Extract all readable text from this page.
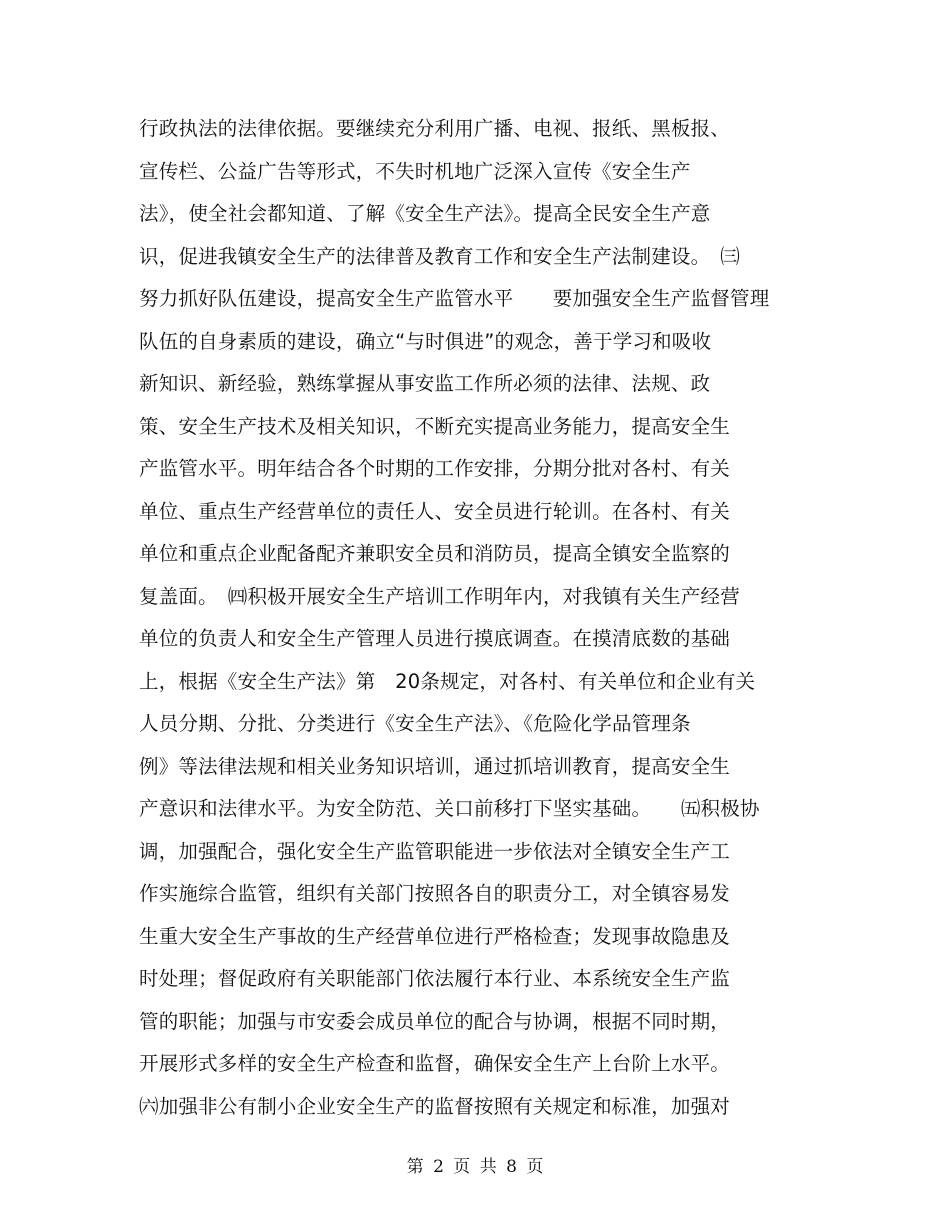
行政执法的法律依据。要继续充分利用广播、电视、报纸、黑板报、
宣传栏、公益广告等形式，不失时机地广泛深入宣传《安全生产
法》，使全社会都知道、了解《安全生产法》。提高全民安全生产意
识，促进我镇安全生产的法律普及教育工作和安全生产法制建设。　㈢
努力抓好队伍建设，提高安全生产监管水平　　要加强安全生产监督管理
队伍的自身素质的建设，确立“与时俱进”的观念，善于学习和吸收
新知识、新经验，熟练掌握从事安监工作所必须的法律、法规、政
策、安全生产技术及相关知识，不断充实提高业务能力，提高安全生
产监管水平。明年结合各个时期的工作安排，分期分批对各村、有关
单位、重点生产经营单位的责任人、安全员进行轮训。在各村、有关
单位和重点企业配备配齐兼职安全员和消防员，提高全镇安全监察的
复盖面。　㈣积极开展安全生产培训工作明年内，对我镇有关生产经营
单位的负责人和安全生产管理人员进行摸底调查。在摸清底数的基础
上，根据《安全生产法》第　20条规定，对各村、有关单位和企业有关
人员分期、分批、分类进行《安全生产法》、《危险化学品管理条
例》等法律法规和相关业务知识培训，通过抓培训教育，提高安全生
产意识和法律水平。为安全防范、关口前移打下坚实基础。　　㈤积极协
调，加强配合，强化安全生产监管职能进一步依法对全镇安全生产工
作实施综合监管，组织有关部门按照各自的职责分工，对全镇容易发
生重大安全生产事故的生产经营单位进行严格检查；发现事故隐患及
时处理；督促政府有关职能部门依法履行本行业、本系统安全生产监
管的职能；加强与市安委会成员单位的配合与协调，根据不同时期，
开展形式多样的安全生产检查和监督，确保安全生产上台阶上水平。
㈥加强非公有制小企业安全生产的监督按照有关规定和标准，加强对
第 2 页 共 8 页
